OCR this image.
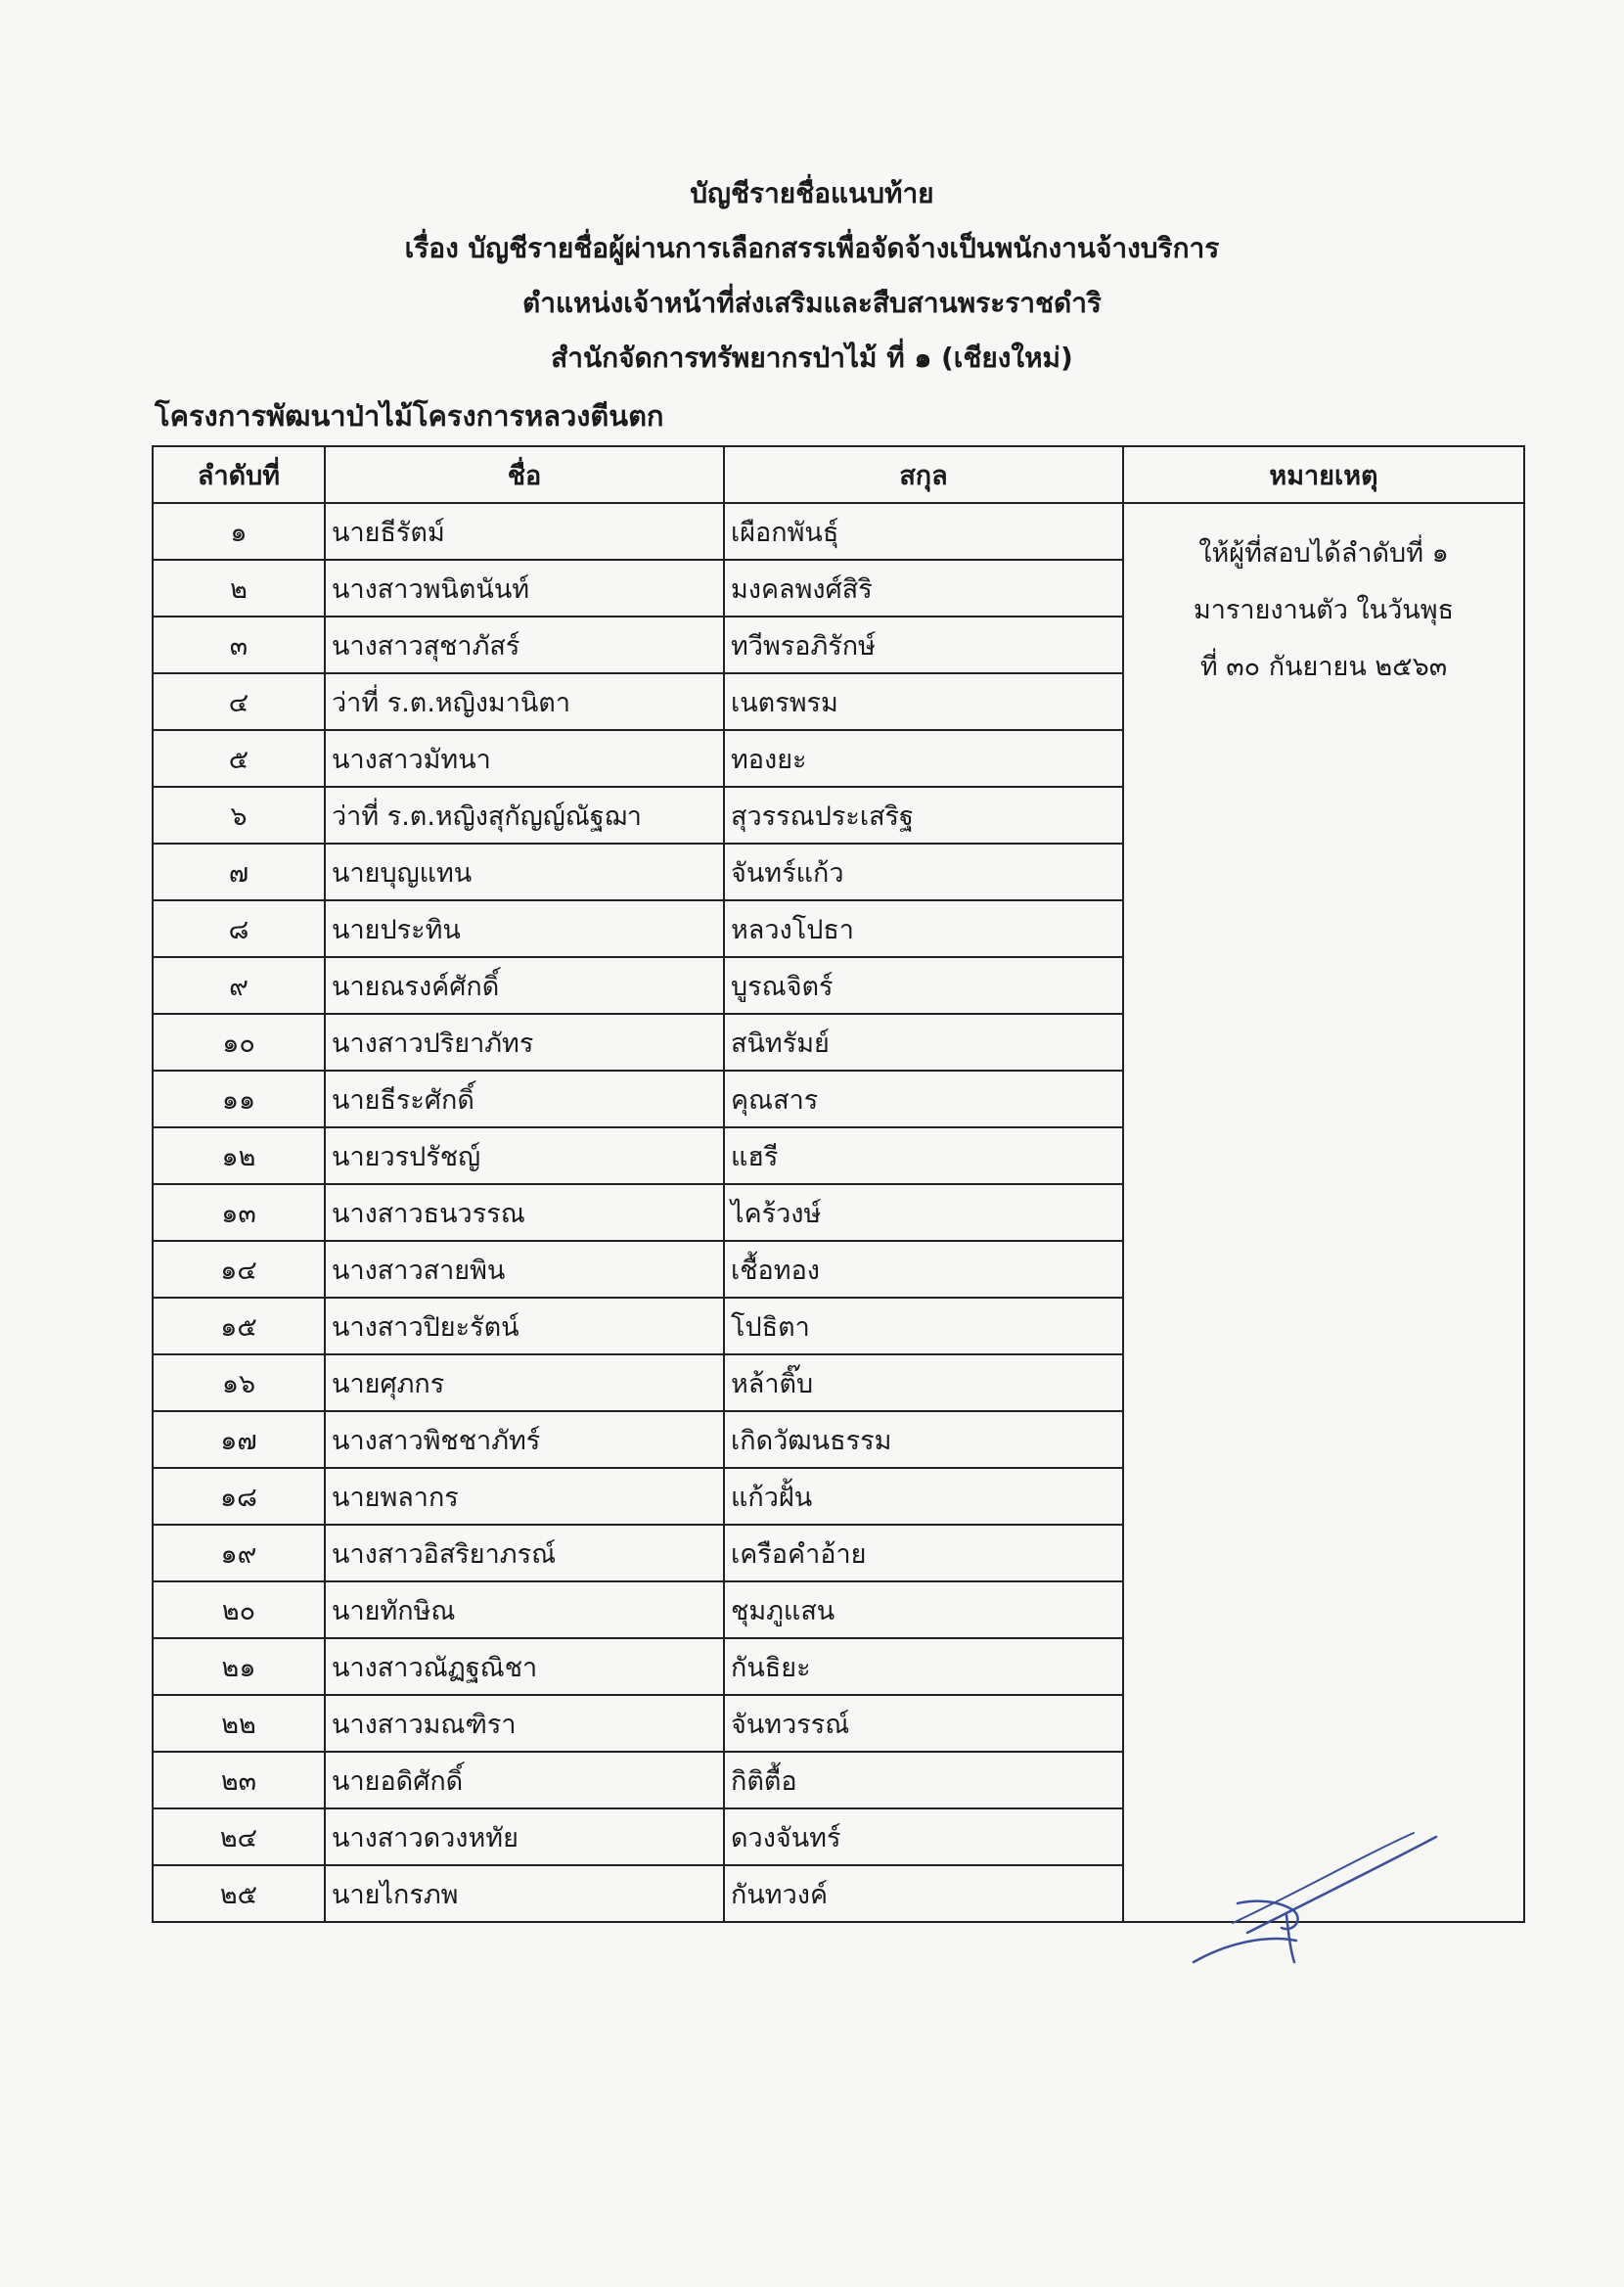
บัญชีรายชื่อแนบท้าย
เรื่อง บัญชีรายชื่อผู้ผ่านการเลือกสรรเพื่อจัดจ้างเป็นพนักงานจ้างบริการ
ตำแหน่งเจ้าหน้าที่ส่งเสริมและสืบสานพระราชดำริ
สำนักจัดการทรัพยากรป่าไม้ ที่ ๑ (เชียงใหม่)
โครงการพัฒนาป่าไม้โครงการหลวงตีนตก
ลำดับที่	ชื่อ	สกุล	หมายเหตุ
๑	นายธีรัตม์	เผือกพันธุ์	ให้ผู้ที่สอบได้ลำดับที่ ๑
มารายงานตัว ในวันพุธ
ที่ ๓๐ กันยายน ๒๕๖๓

๒	นางสาวพนิตนันท์	มงคลพงศ์สิริ	
๓	นางสาวสุชาภัสร์	ทวีพรอภิรักษ์	
๔	ว่าที่ ร.ต.หญิงมานิตา	เนตรพรม	
๕	นางสาวมัทนา	ทองยะ	
๖	ว่าที่ ร.ต.หญิงสุกัญญ์ณัฐฌา	สุวรรณประเสริฐ	
๗	นายบุญแทน	จันทร์แก้ว	
๘	นายประทิน	หลวงโปธา	
๙	นายณรงค์ศักดิ์	บูรณจิตร์	
๑๐	นางสาวปริยาภัทร	สนิทรัมย์	
๑๑	นายธีระศักดิ์	คุณสาร	
๑๒	นายวรปรัชญ์	แฮรี	
๑๓	นางสาวธนวรรณ	ไคร้วงษ์	
๑๔	นางสาวสายพิน	เชื้อทอง	
๑๕	นางสาวปิยะรัตน์	โปธิตา	
๑๖	นายศุภกร	หล้าติ๊บ	
๑๗	นางสาวพิชชาภัทร์	เกิดวัฒนธรรม	
๑๘	นายพลากร	แก้วฝั้น	
๑๙	นางสาวอิสริยาภรณ์	เครือคำอ้าย	
๒๐	นายทักษิณ	ชุมภูแสน	
๒๑	นางสาวณัฏฐณิชา	กันธิยะ	
๒๒	นางสาวมณฑิรา	จันทวรรณ์	
๒๓	นายอดิศักดิ์	กิติตื้อ	
๒๔	นางสาวดวงหทัย	ดวงจันทร์	
๒๕	นายไกรภพ	กันทวงค์	
